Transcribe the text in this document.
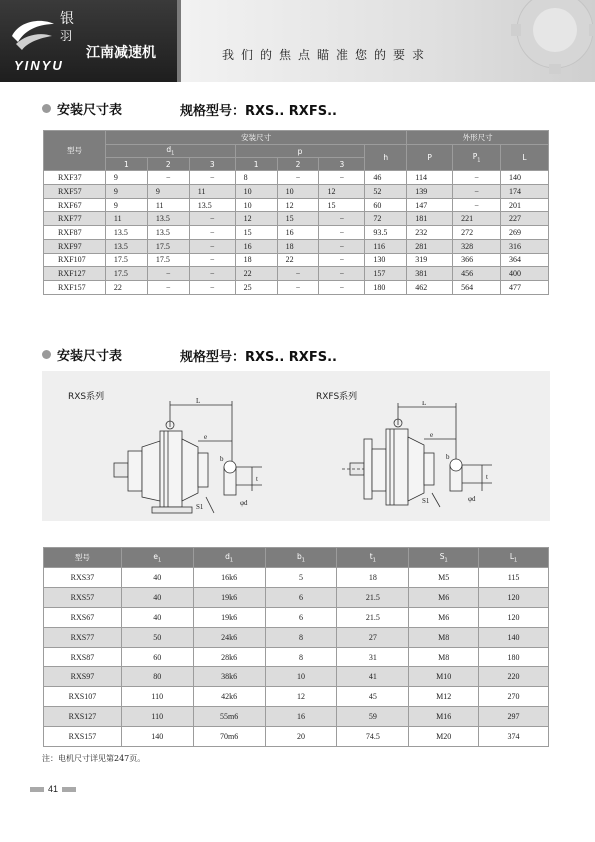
银
羽
YINYU
江南减速机	我们的焦点瞄准您的要求
安装尺寸表	规格型号：RXS.. RXFS..
型号	安装尺寸							外形尺寸		
	$d_1$			p			h	P	$P_1$	L
	1	2	3	1	2	3				
RXF37	9	−	−	8	−	−	46	114	−	140
RXF57	9	9	11	10	10	12	52	139	−	174
RXF67	9	11	13.5	10	12	15	60	147	−	201
RXF77	11	13.5	−	12	15	−	72	181	221	227
RXF87	13.5	13.5	−	15	16	−	93.5	232	272	269
RXF97	13.5	17.5	−	16	18	−	116	281	328	316
RXF107	17.5	17.5	−	18	22	−	130	319	366	364
RXF127	17.5	−	−	22	−	−	157	381	456	400
RXF157	22	−	−	25	−	−	180	462	564	477
安装尺寸表	规格型号：RXS.. RXFS..
RXS系列	RXFS系列
L
e
b
t
S1	φd
L
e
b
t
S1	φd
型号	$e_1$	$d_1$	$b_1$	$t_1$	$S_1$	$L_1$
RXS37	40	16k6	5	18	M5	115
RXS57	40	19k6	6	21.5	M6	120
RXS67	40	19k6	6	21.5	M6	120
RXS77	50	24k6	8	27	M8	140
RXS87	60	28k6	8	31	M8	180
RXS97	80	38k6	10	41	M10	220
RXS107	110	42k6	12	45	M12	270
RXS127	110	55m6	16	59	M16	297
RXS157	140	70m6	20	74.5	M20	374
注：电机尺寸详见第247页。
41
